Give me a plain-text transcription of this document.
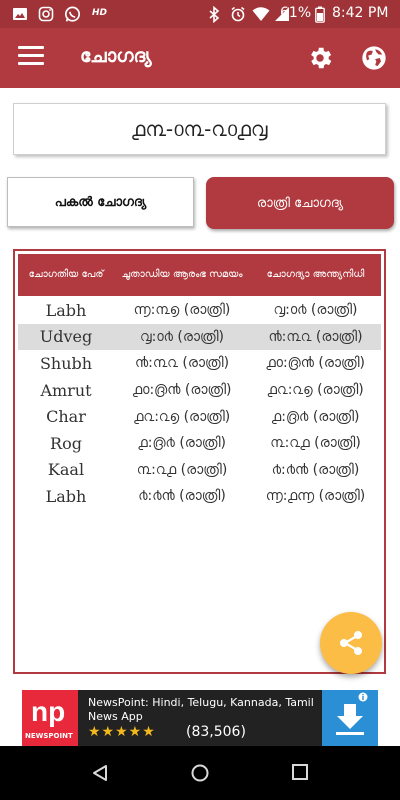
HD	61% 8:42 PM
ചോഗദ്യ
൧൩-൦൩-൨൦൧൮
പകൽ ചോഗദ്യ	രാത്രി ചോഗദ്യ
ചോഗതിയ പേര്	ചൂതാഡിയ ആരംഭ സമയം	ചോഗദ്യാ അന്ത്യനിധി
Labh	൬:൩൭ (രാത്രി)	൮:൦൪ (രാത്രി)
Udveg	൮:൦൪ (രാത്രി)	൯:൩൨ (രാത്രി)
Shubh	൯:൩൨ (രാത്രി)	൧൦:൫൯ (രാത്രി)
Amrut	൧൦:൫൯ (രാത്രി)	൧൨:൨൭ (രാത്രി)
Char	൧൨:൨൭ (രാത്രി)	൧:൫൪ (രാത്രി)
Rog	൧:൫൪ (രാത്രി)	൩:൨൧ (രാത്രി)
Kaal	൩:൨൧ (രാത്രി)	൪:൪൯ (രാത്രി)
Labh	൪:൪൯ (രാത്രി)	൬:൧൬ (രാത്രി)
np
NEWSPOINT
NewsPoint: Hindi, Telugu, Kannada, Tamil News App
★★★★★ (83,506)
